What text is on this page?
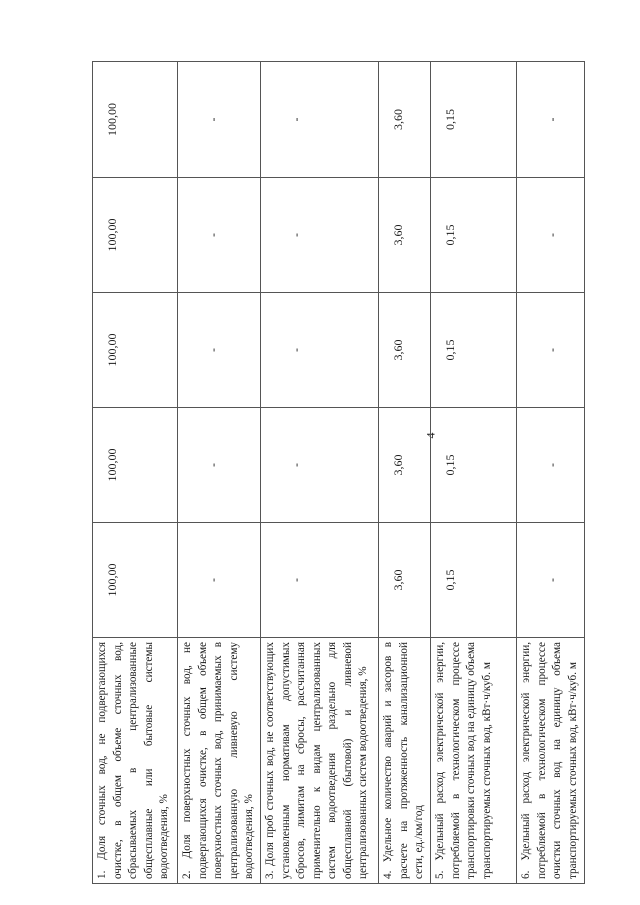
4
1. Доля сточных вод, не подвергающихся очистке, в общем объеме сточных вод, сбрасываемых в централизованные общесплавные или бытовые системы водоотведения, %	100,00	100,00	100,00	100,00	100,00
2. Доля поверхностных сточных вод, не подвергающихся очистке, в общем объеме поверхностных сточных вод, принимаемых в централизованную ливневую систему водоотведения, %	-	-	-	-	-
3. Доля проб сточных вод, не соответствующих установленным нормативам допустимых сбросов, лимитам на сбросы, рассчитанная применительно к видам централизованных систем водоотведения раздельно для общесплавной (бытовой) и ливневой централизованных систем водоотведения, %	-	-	-	-	-
4. Удельное количество аварий и засоров в расчете на протяженность канализационной сети, ед./км/год	3,60	3,60	3,60	3,60	3,60
5. Удельный расход электрической энергии, потребляемой в технологическом процессе транспортировки сточных вод на единицу объема транспортируемых сточных вод, кВт·ч/куб. м	0,15	0,15	0,15	0,15	0,15
6. Удельный расход электрической энергии, потребляемой в технологическом процессе очистки сточных вод на единицу объема транспортируемых сточных вод, кВт·ч/куб. м	-	-	-	-	-
